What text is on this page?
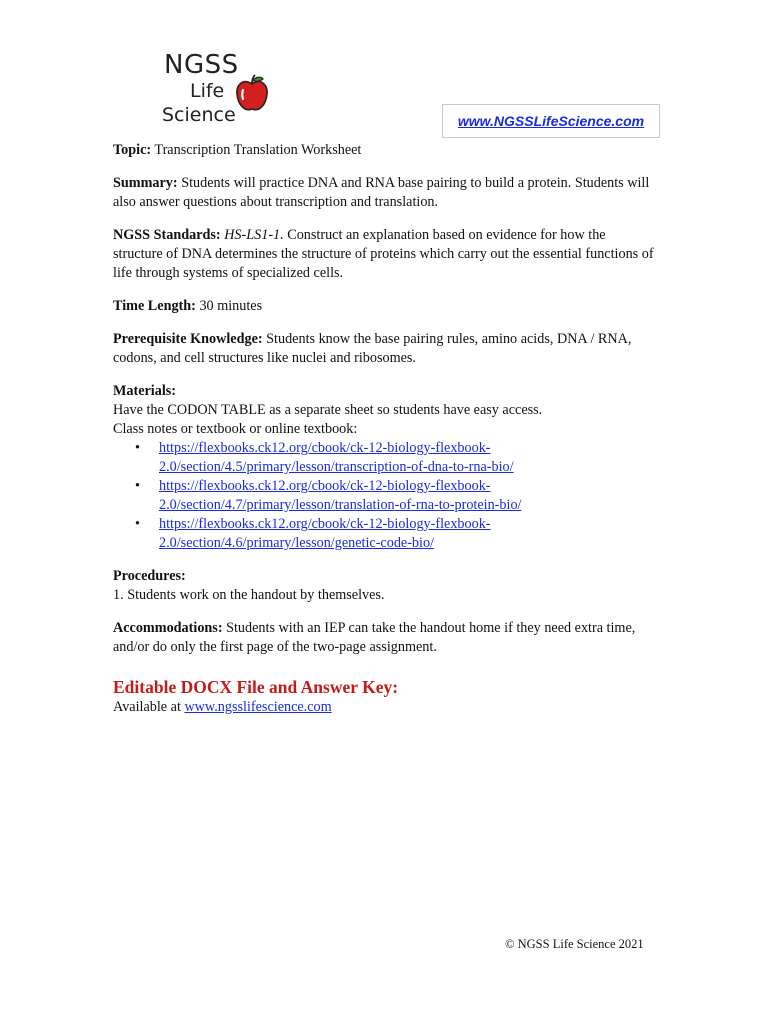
NGSS
Life
Science	www.NGSSLifeScience.com

Topic: Transcription Translation Worksheet

Summary: Students will practice DNA and RNA base pairing to build a protein. Students will also answer questions about transcription and translation.

NGSS Standards: HS-LS1-1. Construct an explanation based on evidence for how the structure of DNA determines the structure of proteins which carry out the essential functions of life through systems of specialized cells.

Time Length: 30 minutes

Prerequisite Knowledge: Students know the base pairing rules, amino acids, DNA / RNA, codons, and cell structures like nuclei and ribosomes.

Materials:

Have the CODON TABLE as a separate sheet so students have easy access.

Class notes or textbook or online textbook:

• https://flexbooks.ck12.org/cbook/ck-12-biology-flexbook-
2.0/section/4.5/primary/lesson/transcription-of-dna-to-rna-bio/
• https://flexbooks.ck12.org/cbook/ck-12-biology-flexbook-
2.0/section/4.7/primary/lesson/translation-of-rna-to-protein-bio/
• https://flexbooks.ck12.org/cbook/ck-12-biology-flexbook-
2.0/section/4.6/primary/lesson/genetic-code-bio/

Procedures:

1. Students work on the handout by themselves.

Accommodations: Students with an IEP can take the handout home if they need extra time, and/or do only the first page of the two-page assignment.

Editable DOCX File and Answer Key:

Available at www.ngsslifescience.com

© NGSS Life Science 2021
